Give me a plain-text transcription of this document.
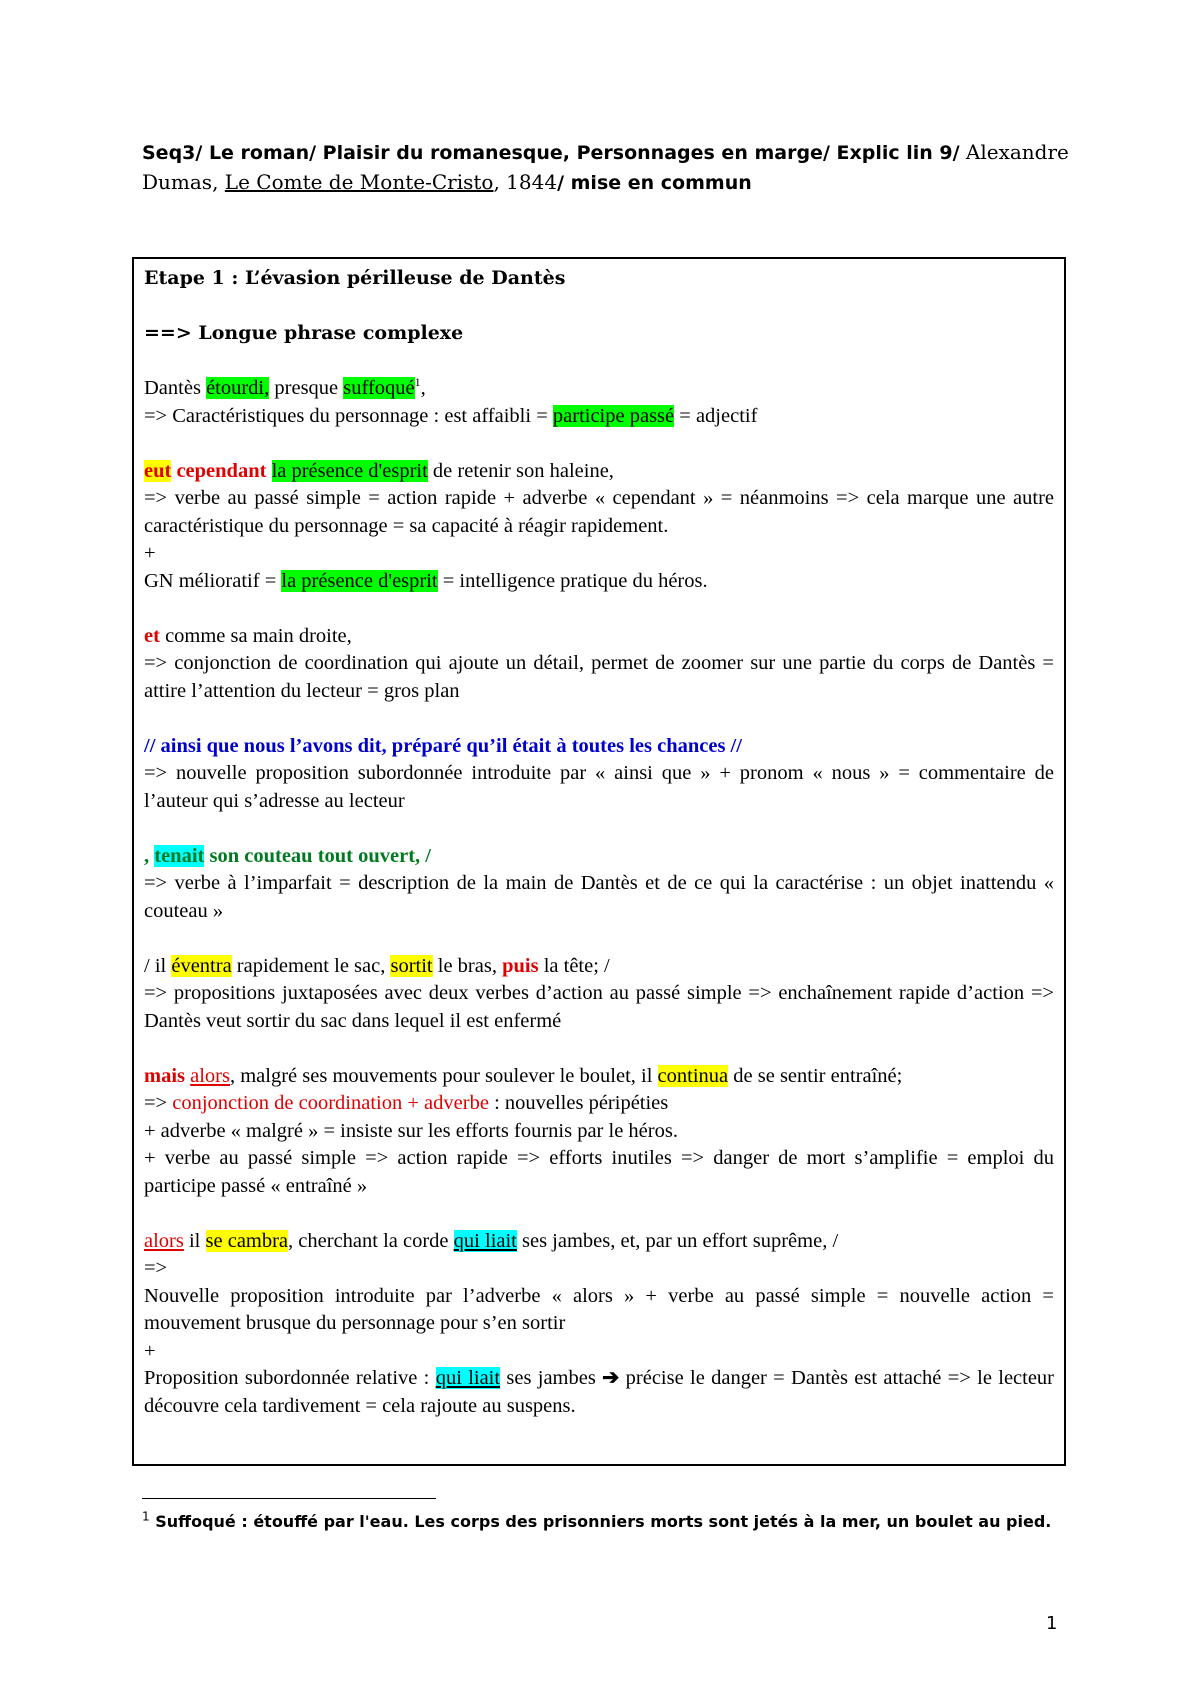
Seq3/ Le roman/ Plaisir du romanesque, Personnages en marge/ Explic lin 9/ Alexandre Dumas, Le Comte de Monte-Cristo, 1844/ mise en commun

Etape 1 : L’évasion périlleuse de Dantès

==> Longue phrase complexe

Dantès étourdi, presque suffoqué$^1$,

=> Caractéristiques du personnage : est affaibli = participe passé = adjectif

eut cependant la présence d'esprit de retenir son haleine,

=> verbe au passé simple = action rapide + adverbe « cependant » = néanmoins => cela marque une autre caractéristique du personnage = sa capacité à réagir rapidement.

+

GN mélioratif = la présence d'esprit = intelligence pratique du héros.

et comme sa main droite,

=> conjonction de coordination qui ajoute un détail, permet de zoomer sur une partie du corps de Dantès = attire l’attention du lecteur = gros plan

// ainsi que nous l’avons dit, préparé qu’il était à toutes les chances //

=> nouvelle proposition subordonnée introduite par « ainsi que » + pronom « nous » = commentaire de l’auteur qui s’adresse au lecteur

, tenait son couteau tout ouvert, /

=> verbe à l’imparfait = description de la main de Dantès et de ce qui la caractérise : un objet inattendu « couteau »

/ il éventra rapidement le sac, sortit le bras, puis la tête; /

=> propositions juxtaposées avec deux verbes d’action au passé simple => enchaînement rapide d’action => Dantès veut sortir du sac dans lequel il est enfermé

mais alors, malgré ses mouvements pour soulever le boulet, il continua de se sentir entraîné;

=> conjonction de coordination + adverbe : nouvelles péripéties

+ adverbe « malgré » = insiste sur les efforts fournis par le héros.

+ verbe au passé simple => action rapide => efforts inutiles => danger de mort s’amplifie = emploi du participe passé « entraîné »

alors il se cambra, cherchant la corde qui liait ses jambes, et, par un effort suprême, /

=>

Nouvelle proposition introduite par l’adverbe « alors » + verbe au passé simple = nouvelle action = mouvement brusque du personnage pour s’en sortir

+

Proposition subordonnée relative : qui liait ses jambes ➔ précise le danger = Dantès est attaché => le lecteur découvre cela tardivement = cela rajoute au suspens.

$^1$ Suffoqué : étouffé par l'eau. Les corps des prisonniers morts sont jetés à la mer, un boulet au pied.
1
